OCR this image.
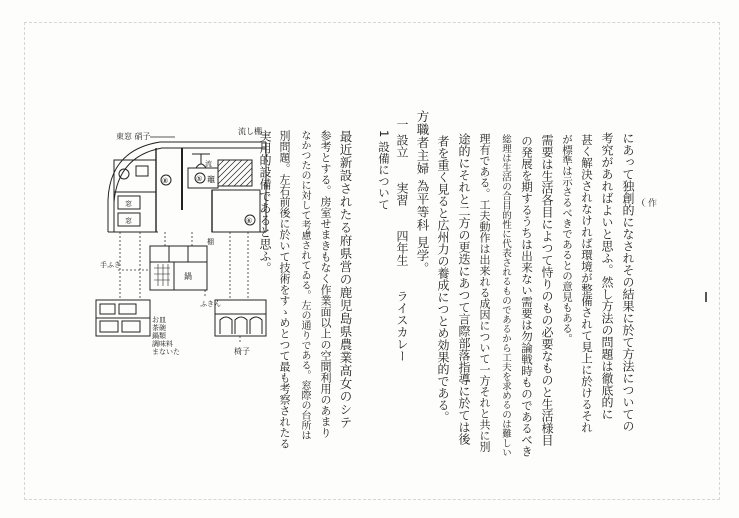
にあって独創的になされその結果に於て方法についての
考究があればよいと思ふ。然し方法の問題は徹底的に
甚く解決されなければ環境が整備されて見上に於けるそれ
が標準は示さるべきであるとの意見もある。
需要は生活各目によつて恃りのもの必要なものと生活様目
の発展を期するうちは出来ない需要は勿論戦時ものであるべき
総理は生活の合目的性に代表されるものであるから工夫を求めるのは難しい
理有である。工夫動作は出来れる成因について一方それと共に別
途的にそれと二方の更迭にあつて言際部落指導に於ては後
者を重く見ると広州力の養成につとめ効果的である。
方職者主婦 為平等科 見学。
一 設立　　実習　　四年生　　ライスカレー
1 設備について	作
最近新設されたる府県営の鹿児島県農業高女のシテ
参考とする。房室せまきもなく作業面以上の空間利用のあまり
なかつたのに対して考慮されてゐる。左の通りである。窓際の台所は
別問題。左右前後に於いて技術をすゝめとつて最も考察されたる
実用的設備であると思ふ。
東窓 硝子
流し棚
流
竈
⑤
⑧
⑥
窓
窓
棚
鍋
ふきん
手ふき
お皿
茶碗
鍋類
調味料
まないた	椅子
